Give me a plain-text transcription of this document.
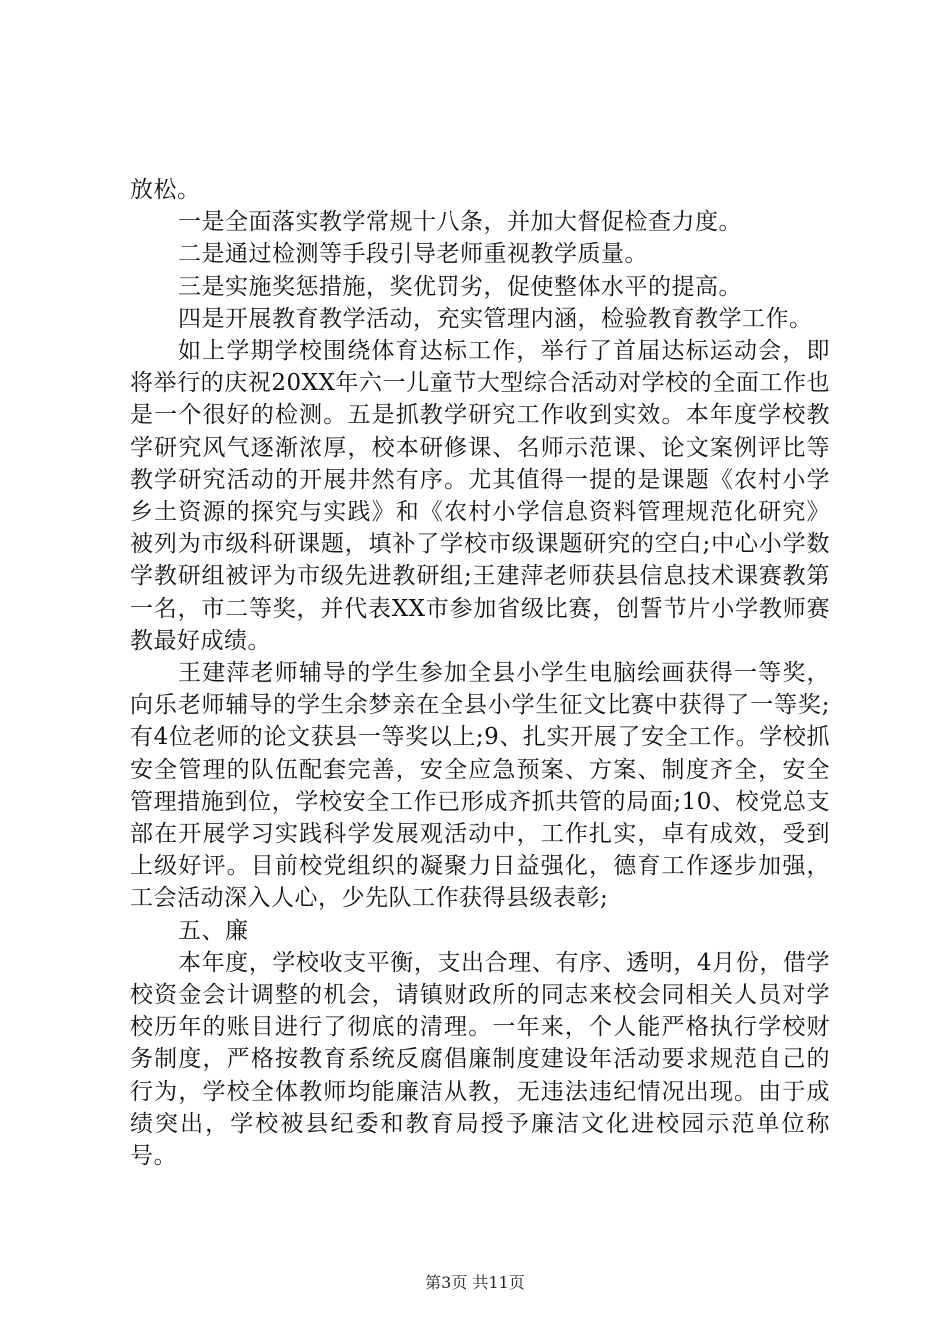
放松。

一是全面落实教学常规十八条，并加大督促检查力度。

二是通过检测等手段引导老师重视教学质量。

三是实施奖惩措施，奖优罚劣，促使整体水平的提高。

四是开展教育教学活动，充实管理内涵，检验教育教学工作。

如上学期学校围绕体育达标工作，举行了首届达标运动会，即将举行的庆祝20XX年六一儿童节大型综合活动对学校的全面工作也是一个很好的检测。五是抓教学研究工作收到实效。本年度学校教学研究风气逐渐浓厚，校本研修课、名师示范课、论文案例评比等教学研究活动的开展井然有序。尤其值得一提的是课题《农村小学乡土资源的探究与实践》和《农村小学信息资料管理规范化研究》被列为市级科研课题，填补了学校市级课题研究的空白;中心小学数学教研组被评为市级先进教研组;王建萍老师获县信息技术课赛教第一名，市二等奖，并代表XX市参加省级比赛，创誓节片小学教师赛教最好成绩。

王建萍老师辅导的学生参加全县小学生电脑绘画获得一等奖，向乐老师辅导的学生余梦亲在全县小学生征文比赛中获得了一等奖;有4位老师的论文获县一等奖以上;9、扎实开展了安全工作。学校抓安全管理的队伍配套完善，安全应急预案、方案、制度齐全，安全管理措施到位，学校安全工作已形成齐抓共管的局面;10、校党总支部在开展学习实践科学发展观活动中，工作扎实，卓有成效，受到上级好评。目前校党组织的凝聚力日益强化，德育工作逐步加强，工会活动深入人心，少先队工作获得县级表彰;

五、廉

本年度，学校收支平衡，支出合理、有序、透明，4月份，借学校资金会计调整的机会，请镇财政所的同志来校会同相关人员对学校历年的账目进行了彻底的清理。一年来，个人能严格执行学校财务制度，严格按教育系统反腐倡廉制度建设年活动要求规范自己的行为，学校全体教师均能廉洁从教，无违法违纪情况出现。由于成绩突出，学校被县纪委和教育局授予廉洁文化进校园示范单位称号。

第3页 共11页
